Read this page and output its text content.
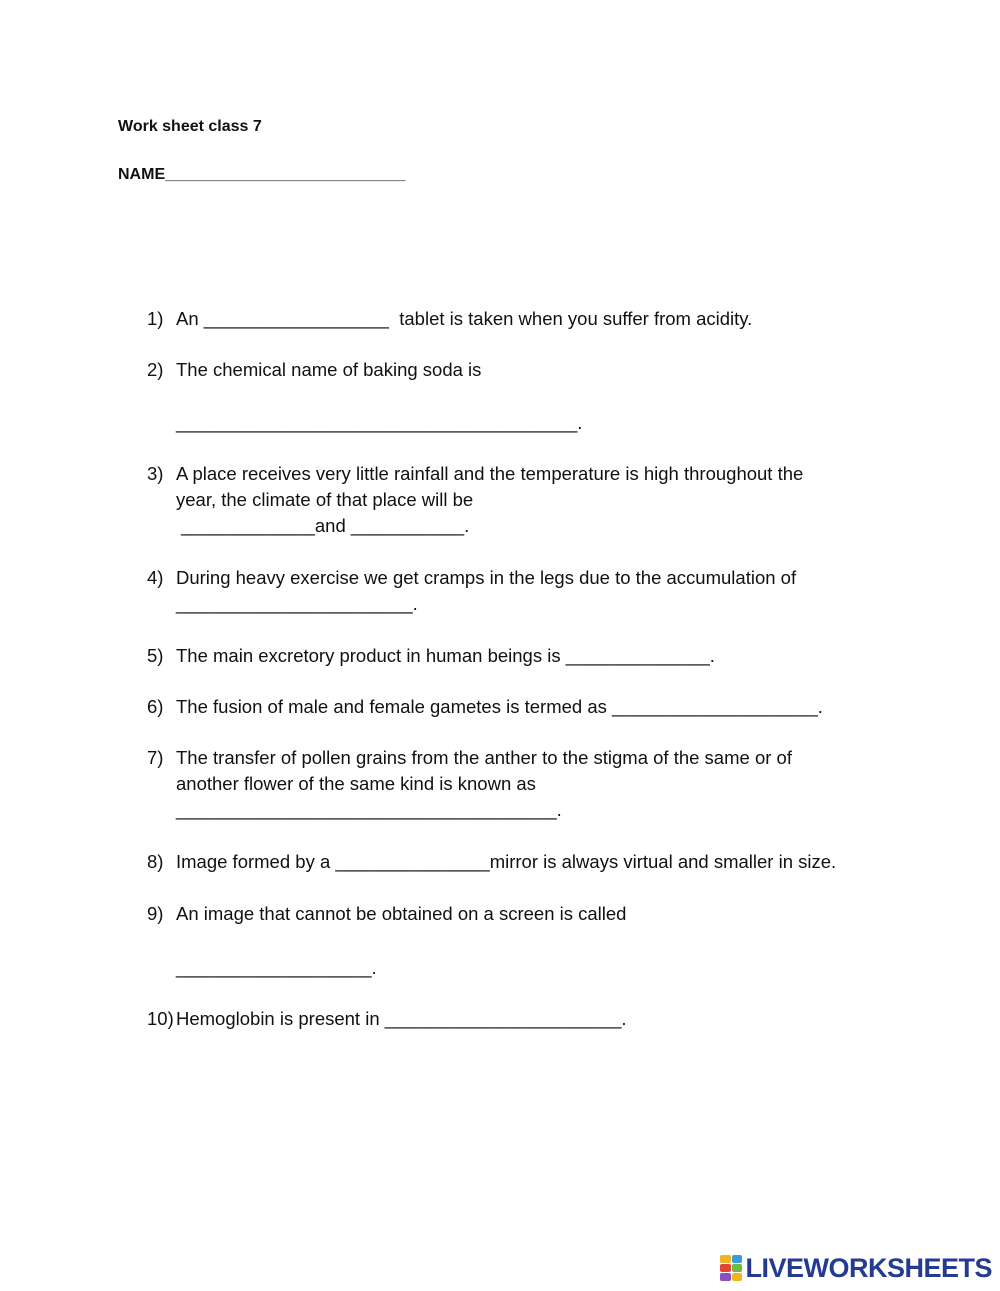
Work sheet class 7
NAME___________________________
1) An __________________  tablet is taken when you suffer from acidity.
2) The chemical name of baking soda is
_______________________________________.
3) A place receives very little rainfall and the temperature is high throughout the
year, the climate of that place will be
_____________and ___________.
4) During heavy exercise we get cramps in the legs due to the accumulation of
_______________________.
5) The main excretory product in human beings is ______________.
6) The fusion of male and female gametes is termed as ____________________.
7) The transfer of pollen grains from the anther to the stigma of the same or of
another flower of the same kind is known as
_____________________________________.
8) Image formed by a _______________mirror is always virtual and smaller in size.
9) An image that cannot be obtained on a screen is called
___________________.
10) Hemoglobin is present in _______________________.
LIVEWORKSHEETS
